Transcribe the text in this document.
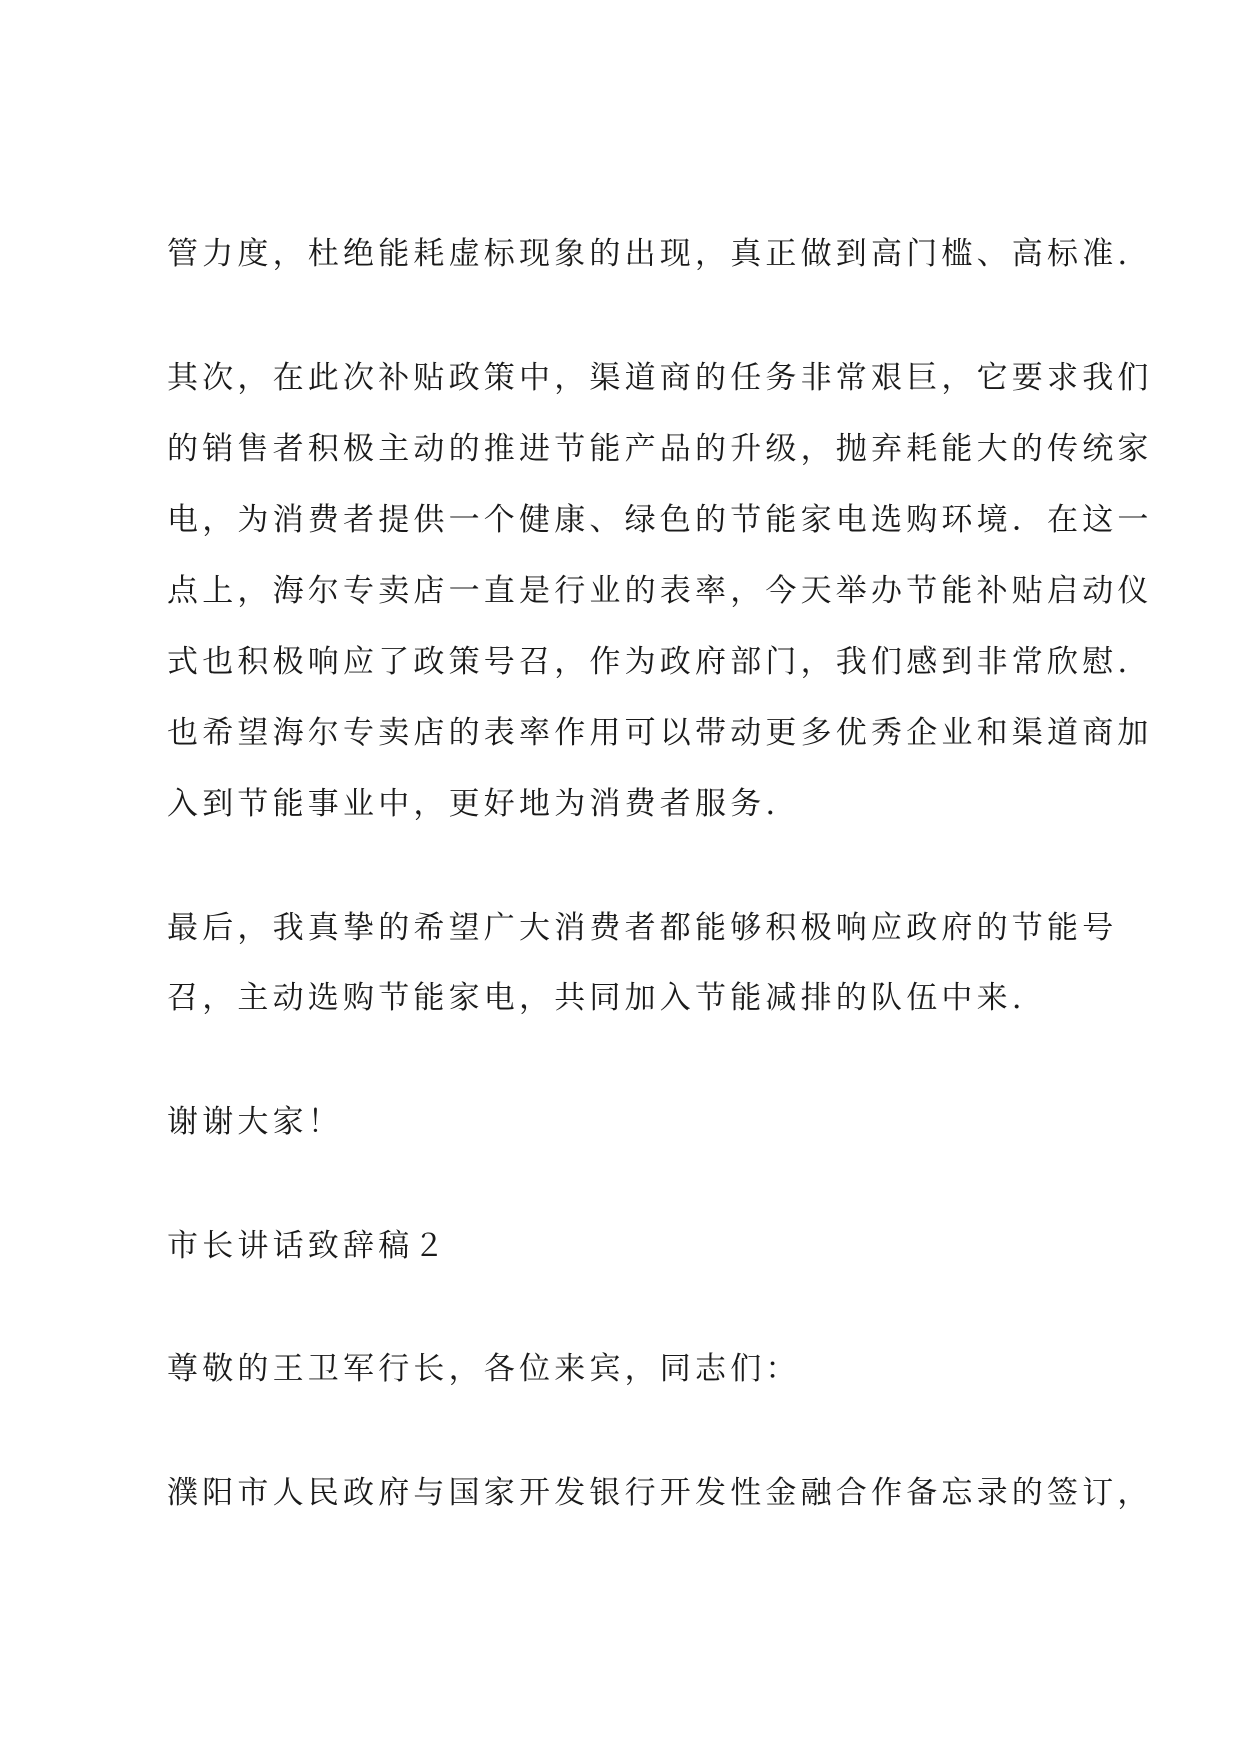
管力度，杜绝能耗虚标现象的出现，真正做到高门槛、高标准.
其次，在此次补贴政策中，渠道商的任务非常艰巨，它要求我们
的销售者积极主动的推进节能产品的升级，抛弃耗能大的传统家
电，为消费者提供一个健康、绿色的节能家电选购环境．在这一
点上，海尔专卖店一直是行业的表率，今天举办节能补贴启动仪
式也积极响应了政策号召，作为政府部门，我们感到非常欣慰.
也希望海尔专卖店的表率作用可以带动更多优秀企业和渠道商加
入到节能事业中，更好地为消费者服务.
最后，我真挚的希望广大消费者都能够积极响应政府的节能号
召，主动选购节能家电，共同加入节能减排的队伍中来.
谢谢大家！
市长讲话致辞稿２
尊敬的王卫军行长，各位来宾，同志们：
濮阳市人民政府与国家开发银行开发性金融合作备忘录的签订，
